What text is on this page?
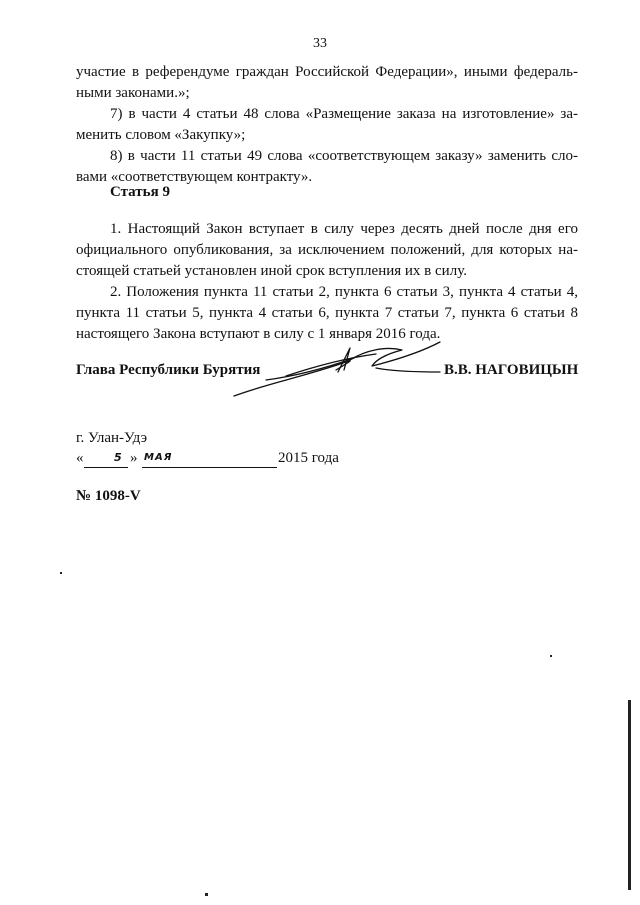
33

участие в референдуме граждан Российской Федерации», иными федераль-ными законами.»;

7) в части 4 статьи 48 слова «Размещение заказа на изготовление» за-менить словом «Закупку»;

8) в части 11 статьи 49 слова «соответствующем заказу» заменить сло-вами «соответствующем контракту».

Статья 9

1. Настоящий Закон вступает в силу через десять дней после дня его официального опубликования, за исключением положений, для которых на-стоящей статьей установлен иной срок вступления их в силу.

2. Положения пункта 11 статьи 2, пункта 6 статьи 3, пункта 4 статьи 4, пункта 11 статьи 5, пункта 4 статьи 6, пункта 7 статьи 7, пункта 6 статьи 8 настоящего Закона вступают в силу с 1 января 2016 года.

Глава Республики Бурятия	В.В. НАГОВИЦЫН
г. Улан-Удэ
«	5 » МАЯ	2015 года
№ 1098-V
